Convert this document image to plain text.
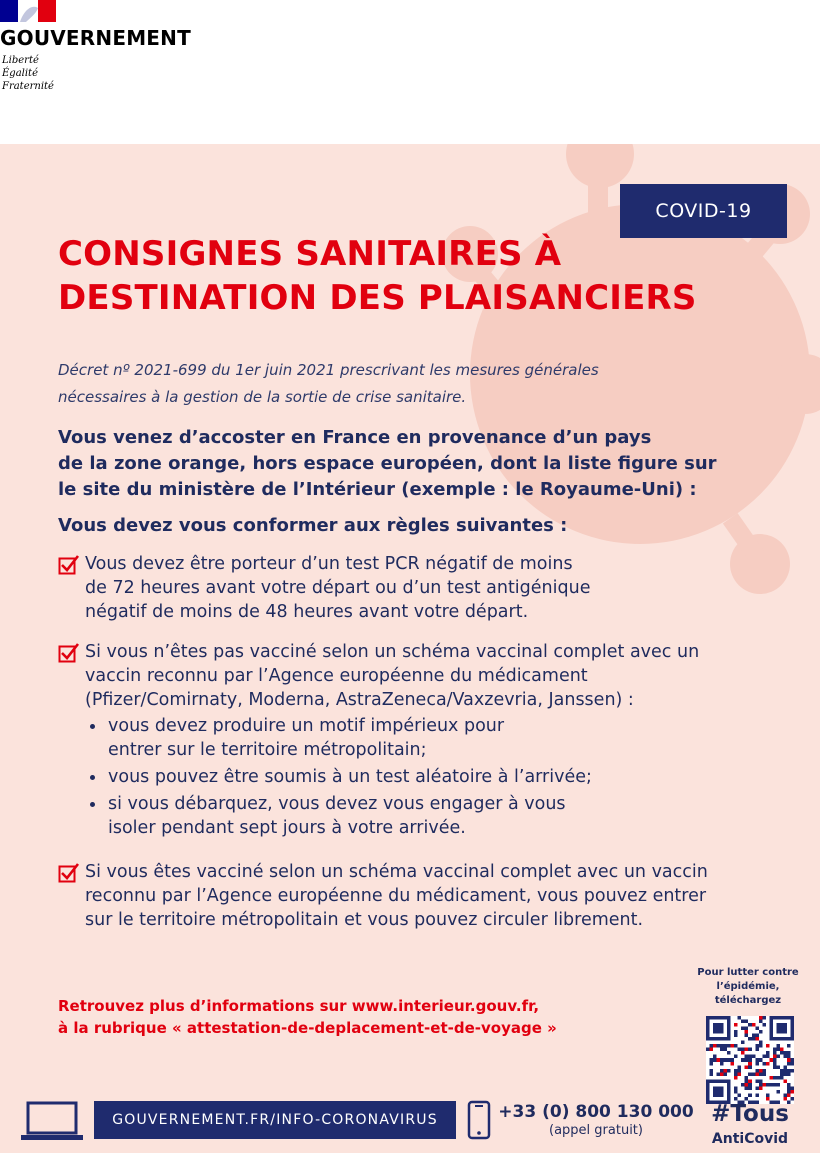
GOUVERNEMENT
Liberté
Égalité
Fraternité
COVID-19
CONSIGNES SANITAIRES À
DESTINATION DES PLAISANCIERS
Décret nº 2021-699 du 1er juin 2021 prescrivant les mesures générales
nécessaires à la gestion de la sortie de crise sanitaire.
Vous venez d’accoster en France en provenance d’un pays
de la zone orange, hors espace européen, dont la liste figure sur
le site du ministère de l’Intérieur (exemple : le Royaume-Uni) :
Vous devez vous conformer aux règles suivantes :
Vous devez être porteur d’un test PCR négatif de moins
de 72 heures avant votre départ ou d’un test antigénique
négatif de moins de 48 heures avant votre départ.
Si vous n’êtes pas vacciné selon un schéma vaccinal complet avec un
vaccin reconnu par l’Agence européenne du médicament
(Pfizer/Comirnaty, Moderna, AstraZeneca/Vaxzevria, Janssen) :
vous devez produire un motif impérieux pour
entrer sur le territoire métropolitain;
vous pouvez être soumis à un test aléatoire à l’arrivée;
si vous débarquez, vous devez vous engager à vous
isoler pendant sept jours à votre arrivée.
Si vous êtes vacciné selon un schéma vaccinal complet avec un vaccin
reconnu par l’Agence européenne du médicament, vous pouvez entrer
sur le territoire métropolitain et vous pouvez circuler librement.
Retrouvez plus d’informations sur www.interieur.gouv.fr,
à la rubrique « attestation-de-deplacement-et-de-voyage »
Pour lutter contre
l’épidémie,
téléchargez
#Tous
AntiCovid
GOUVERNEMENT.FR/INFO-CORONAVIRUS	+33 (0) 800 130 000
(appel gratuit)
